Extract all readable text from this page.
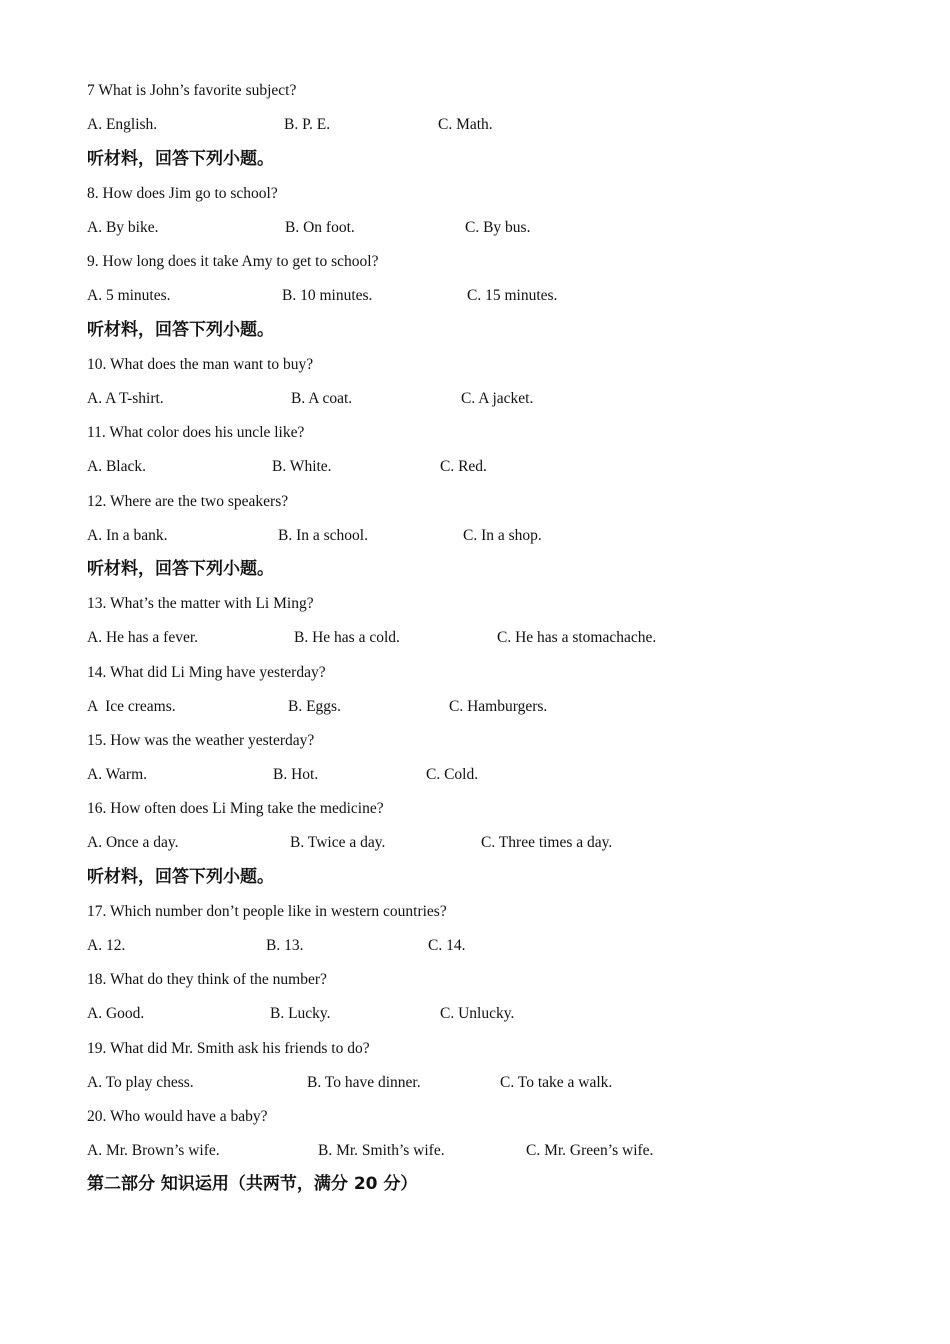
7 What is John’s favorite subject?
A. English.	B. P. E.	C. Math.
听材料，回答下列小题。
8. How does Jim go to school?
A. By bike.	B. On foot.	C. By bus.
9. How long does it take Amy to get to school?
A. 5 minutes.	B. 10 minutes.	C. 15 minutes.
听材料，回答下列小题。
10. What does the man want to buy?
A. A T-shirt.	B. A coat.	C. A jacket.
11. What color does his uncle like?
A. Black.	B. White.	C. Red.
12. Where are the two speakers?
A. In a bank.	B. In a school.	C. In a shop.
听材料，回答下列小题。
13. What’s the matter with Li Ming?
A. He has a fever.	B. He has a cold.	C. He has a stomachache.
14. What did Li Ming have yesterday?
A  Ice creams.	B. Eggs.	C. Hamburgers.
15. How was the weather yesterday?
A. Warm.	B. Hot.	C. Cold.
16. How often does Li Ming take the medicine?
A. Once a day.	B. Twice a day.	C. Three times a day.
听材料，回答下列小题。
17. Which number don’t people like in western countries?
A. 12.	B. 13.	C. 14.
18. What do they think of the number?
A. Good.	B. Lucky.	C. Unlucky.
19. What did Mr. Smith ask his friends to do?
A. To play chess.	B. To have dinner.	C. To take a walk.
20. Who would have a baby?
A. Mr. Brown’s wife.	B. Mr. Smith’s wife.	C. Mr. Green’s wife.
第二部分 知识运用（共两节，满分 20 分）
